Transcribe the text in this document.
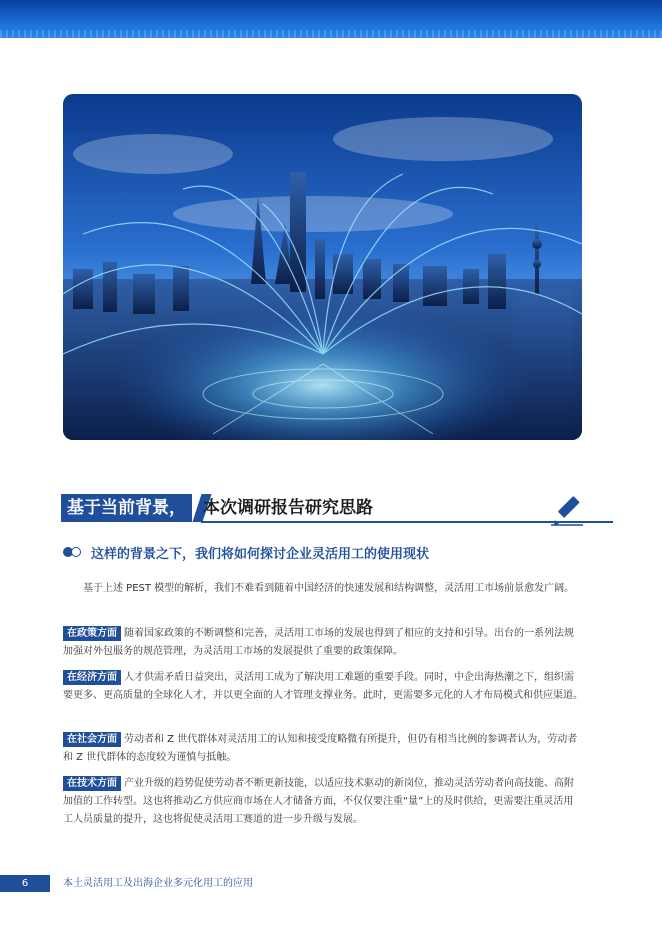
基于当前背景，	本次调研报告研究思路
这样的背景之下，我们将如何探讨企业灵活用工的使用现状

基于上述 PEST 模型的解析，我们不难看到随着中国经济的快速发展和结构调整，灵活用工市场前景愈发广阔。

在政策方面 随着国家政策的不断调整和完善，灵活用工市场的发展也得到了相应的支持和引导。出台的一系列法规加强对外包服务的规范管理，为灵活用工市场的发展提供了重要的政策保障。

在经济方面 人才供需矛盾日益突出，灵活用工成为了解决用工难题的重要手段。同时，中企出海热潮之下，组织需要更多、更高质量的全球化人才，并以更全面的人才管理支撑业务。此时，更需要多元化的人才布局模式和供应渠道。

在社会方面 劳动者和 Z 世代群体对灵活用工的认知和接受度略微有所提升，但仍有相当比例的参调者认为，劳动者和 Z 世代群体的态度较为谨慎与抵触。

在技术方面 产业升级的趋势促使劳动者不断更新技能，以适应技术驱动的新岗位，推动灵活劳动者向高技能、高附加值的工作转型。这也将推动乙方供应商市场在人才储备方面，不仅仅要注重“量”上的及时供给，更需要注重灵活用工人员质量的提升，这也将促使灵活用工赛道的进一步升级与发展。

6	本土灵活用工及出海企业多元化用工的应用
